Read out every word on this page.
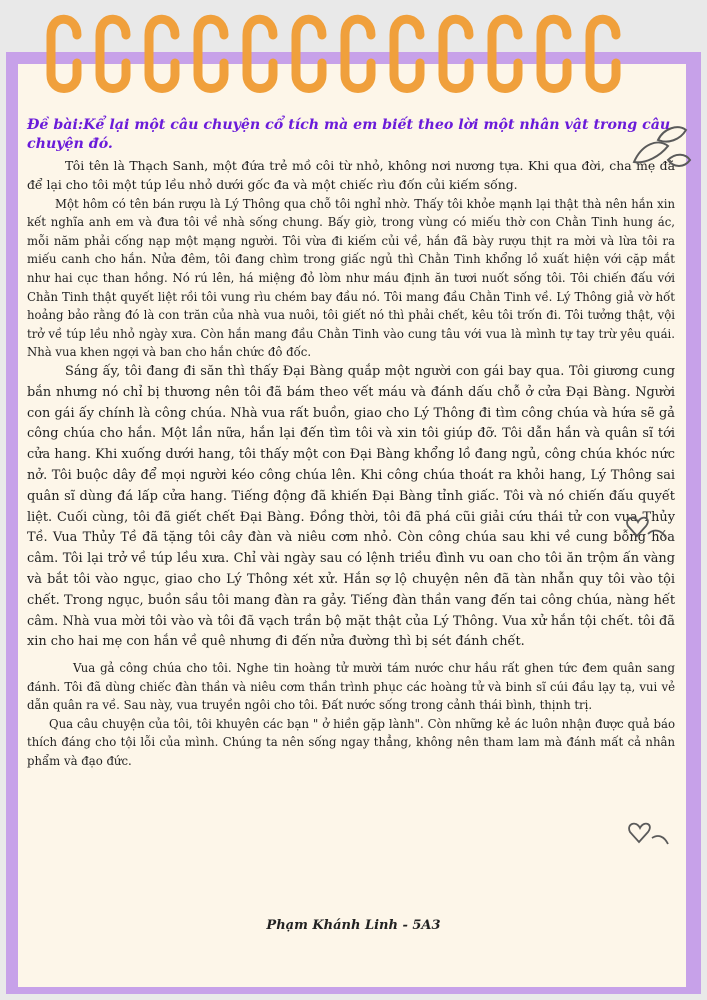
Đề bài:Kể lại một câu chuyện cổ tích mà em biết theo lời một nhân vật trong câu chuyện đó.

Tôi tên là Thạch Sanh, một đứa trẻ mồ côi từ nhỏ, không nơi nương tựa. Khi qua đời, cha mẹ đã để lại cho tôi một túp lều nhỏ dưới gốc đa và một chiếc rìu đốn củi kiếm sống.

Một hôm có tên bán rượu là Lý Thông qua chỗ tôi nghỉ nhờ. Thấy tôi khỏe mạnh lại thật thà nên hắn xin kết nghĩa anh em và đưa tôi về nhà sống chung. Bấy giờ, trong vùng có miếu thờ con Chằn Tinh hung ác, mỗi năm phải cống nạp một mạng người. Tôi vừa đi kiếm củi về, hắn đã bày rượu thịt ra mời và lừa tôi ra miếu canh cho hắn. Nửa đêm, tôi đang chìm trong giấc ngủ thì Chằn Tinh khổng lồ xuất hiện với cặp mắt như hai cục than hồng. Nó rú lên, há miệng đỏ lòm như máu định ăn tươi nuốt sống tôi. Tôi chiến đấu với Chằn Tinh thật quyết liệt rồi tôi vung rìu chém bay đầu nó. Tôi mang đầu Chằn Tinh về. Lý Thông giả vờ hốt hoảng bảo rằng đó là con trăn của nhà vua nuôi, tôi giết nó thì phải chết, kêu tôi trốn đi. Tôi tưởng thật, vội trở về túp lều nhỏ ngày xưa. Còn hắn mang đầu Chằn Tinh vào cung tâu với vua là mình tự tay trừ yêu quái. Nhà vua khen ngợi và ban cho hắn chức đô đốc.

Sáng ấy, tôi đang đi săn thì thấy Đại Bàng quắp một người con gái bay qua. Tôi giương cung bắn nhưng nó chỉ bị thương nên tôi đã bám theo vết máu và đánh dấu chỗ ở cửa Đại Bàng. Người con gái ấy chính là công chúa. Nhà vua rất buồn, giao cho Lý Thông đi tìm công chúa và hứa sẽ gả công chúa cho hắn. Một lần nữa, hắn lại đến tìm tôi và xin tôi giúp đỡ. Tôi dẫn hắn và quân sĩ tới cửa hang. Khi xuống dưới hang, tôi thấy một con Đại Bàng khổng lồ đang ngủ, công chúa khóc nức nở. Tôi buộc dây để mọi người kéo công chúa lên. Khi công chúa thoát ra khỏi hang, Lý Thông sai quân sĩ dùng đá lấp cửa hang. Tiếng động đã khiến Đại Bàng tỉnh giấc. Tôi và nó chiến đấu quyết liệt. Cuối cùng, tôi đã giết chết Đại Bàng. Đồng thời, tôi đã phá cũi giải cứu thái tử con vua Thủy Tề. Vua Thủy Tề đã tặng tôi cây đàn và niêu cơm nhỏ. Còn công chúa sau khi về cung bỗng hóa câm. Tôi lại trở về túp lều xưa. Chỉ vài ngày sau có lệnh triều đình vu oan cho tôi ăn trộm ấn vàng và bắt tôi vào ngục, giao cho Lý Thông xét xử. Hắn sợ lộ chuyện nên đã tàn nhẫn quy tôi vào tội chết. Trong ngục, buồn sầu tôi mang đàn ra gảy. Tiếng đàn thần vang đến tai công chúa, nàng hết câm. Nhà vua mời tôi vào và tôi đã vạch trần bộ mặt thật của Lý Thông. Vua xử hắn tội chết. tôi đã xin cho hai mẹ con hắn về quê nhưng đi đến nửa đường thì bị sét đánh chết.

Vua gả công chúa cho tôi. Nghe tin hoàng tử mười tám nước chư hầu rất ghen tức đem quân sang đánh. Tôi đã dùng chiếc đàn thần và niêu cơm thần trình phục các hoàng tử và binh sĩ cúi đầu lạy tạ, vui vẻ dẫn quân ra về. Sau này, vua truyền ngôi cho tôi. Đất nước sống trong cảnh thái bình, thịnh trị.

Qua câu chuyện của tôi, tôi khuyên các bạn " ở hiền gặp lành". Còn những kẻ ác luôn nhận được quả báo thích đáng cho tội lỗi của mình. Chúng ta nên sống ngay thẳng, không nên tham lam mà đánh mất cả nhân phẩm và đạo đức.

Phạm Khánh Linh - 5A3
